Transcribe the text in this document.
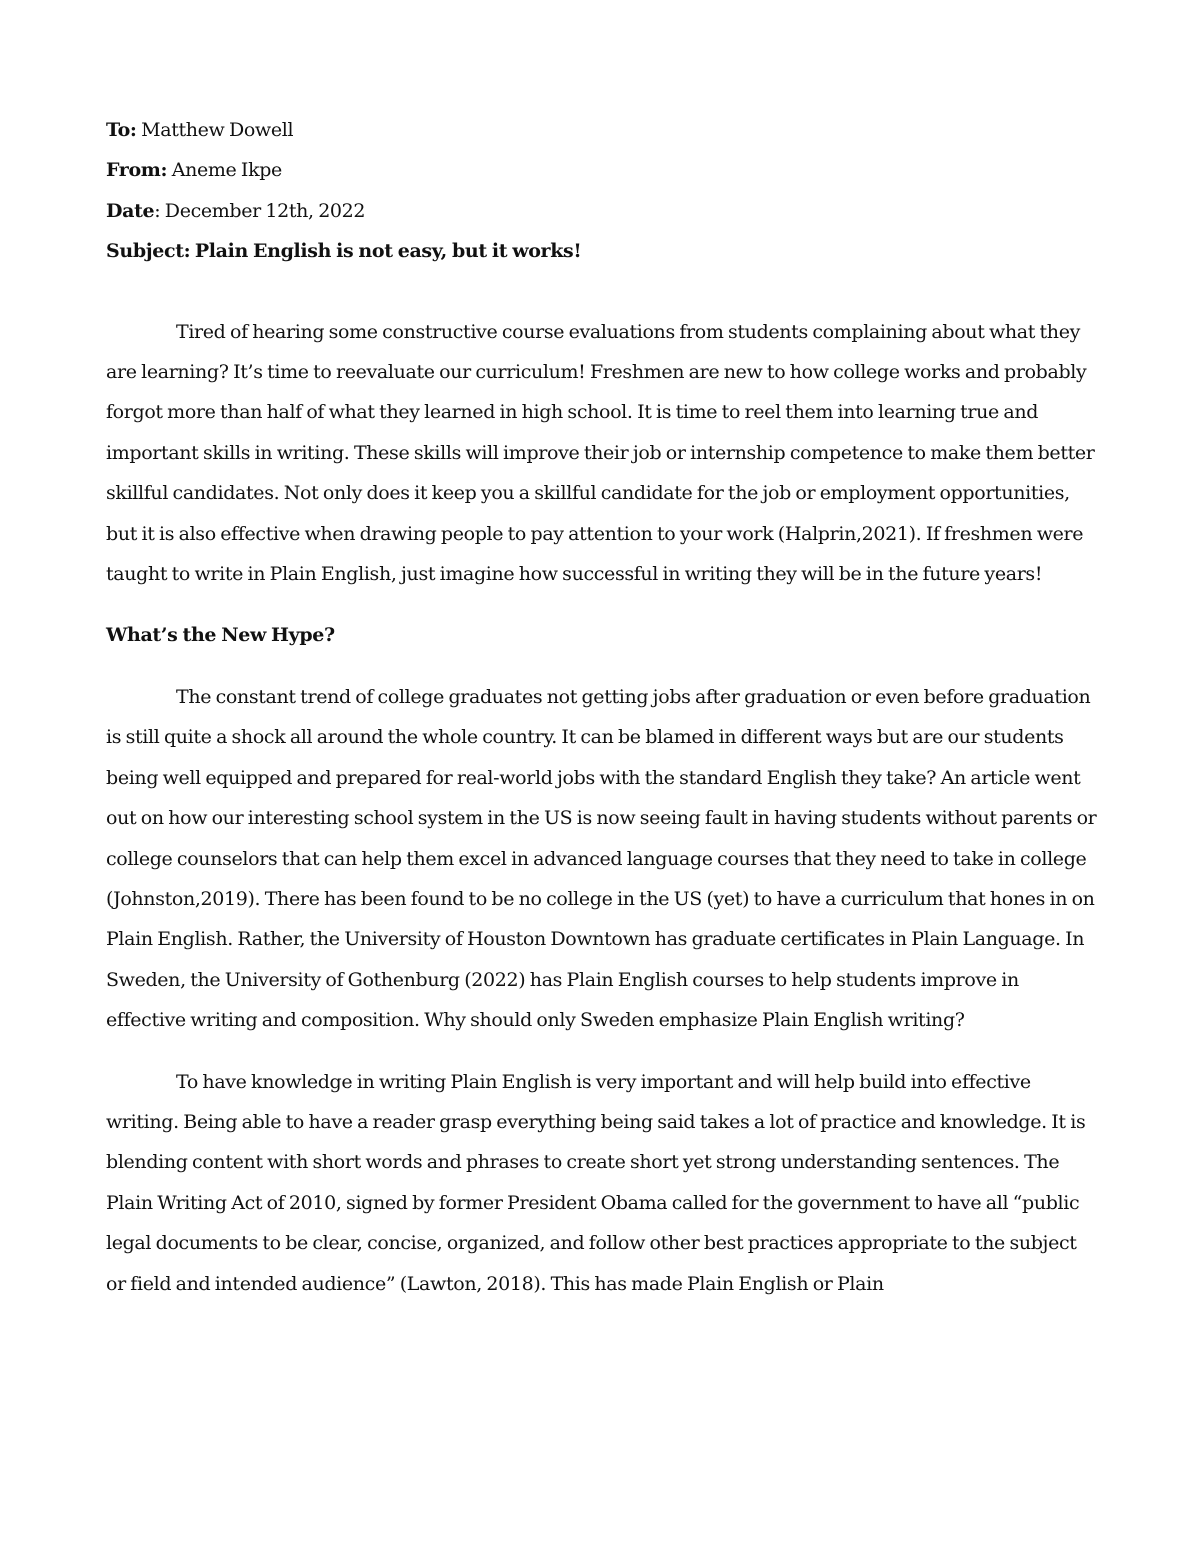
To: Matthew Dowell

From: Aneme Ikpe

Date: December 12th, 2022

Subject: Plain English is not easy, but it works!

Tired of hearing some constructive course evaluations from students complaining about what they are learning? It’s time to reevaluate our curriculum! Freshmen are new to how college works and probably forgot more than half of what they learned in high school. It is time to reel them into learning true and important skills in writing. These skills will improve their job or internship competence to make them better skillful candidates. Not only does it keep you a skillful candidate for the job or employment opportunities, but it is also effective when drawing people to pay attention to your work (Halprin,2021). If freshmen were taught to write in Plain English, just imagine how successful in writing they will be in the future years!

What’s the New Hype?

The constant trend of college graduates not getting jobs after graduation or even before graduation is still quite a shock all around the whole country. It can be blamed in different ways but are our students being well equipped and prepared for real-world jobs with the standard English they take? An article went out on how our interesting school system in the US is now seeing fault in having students without parents or college counselors that can help them excel in advanced language courses that they need to take in college (Johnston,2019). There has been found to be no college in the US (yet) to have a curriculum that hones in on Plain English. Rather, the University of Houston Downtown has graduate certificates in Plain Language. In Sweden, the University of Gothenburg (2022) has Plain English courses to help students improve in effective writing and composition. Why should only Sweden emphasize Plain English writing?

To have knowledge in writing Plain English is very important and will help build into effective writing. Being able to have a reader grasp everything being said takes a lot of practice and knowledge. It is blending content with short words and phrases to create short yet strong understanding sentences. The Plain Writing Act of 2010, signed by former President Obama called for the government to have all “public legal documents to be clear, concise, organized, and follow other best practices appropriate to the subject or field and intended audience” (Lawton, 2018). This has made Plain English or Plain
